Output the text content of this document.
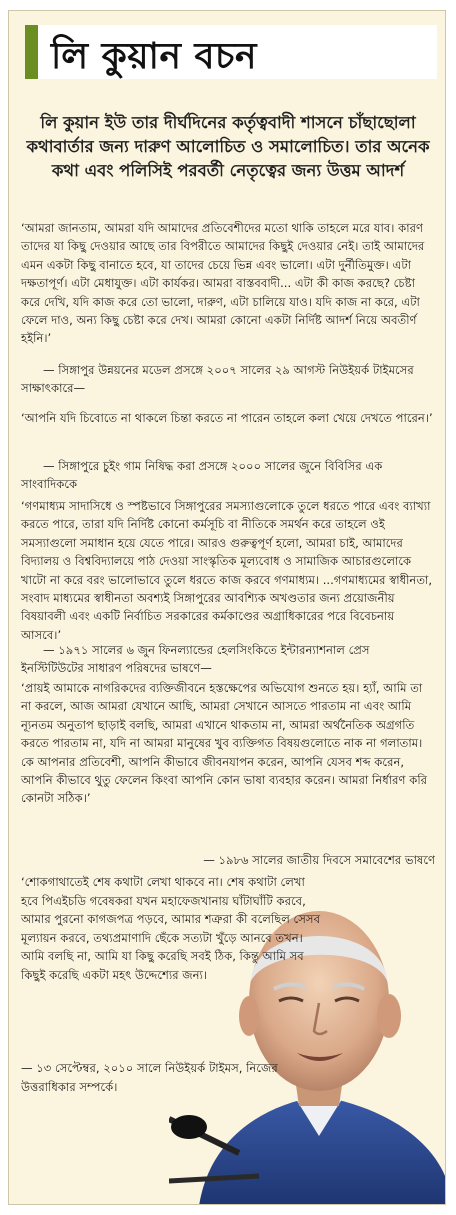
লি কুয়ান বচন
লি কুয়ান ইউ তার দীর্ঘদিনের কর্তৃত্ববাদী শাসনে চাঁছাছোলা কথাবার্তার জন্য দারুণ আলোচিত ও সমালোচিত। তার অনেক কথা এবং পলিসিই পরবর্তী নেতৃত্বের জন্য উত্তম আদর্শ
‘আমরা জানতাম, আমরা যদি আমাদের প্রতিবেশীদের মতো থাকি তাহলে মরে যাব। কারণ তাদের যা কিছু দেওয়ার আছে তার বিপরীতে আমাদের কিছুই দেওয়ার নেই। তাই আমাদের এমন একটা কিছু বানাতে হবে, যা তাদের চেয়ে ভিন্ন এবং ভালো। এটা দুর্নীতিমুক্ত। এটা দক্ষতাপূর্ণ। এটা মেধাযুক্ত। এটা কার্যকর। আমরা বাস্তববাদী... এটা কী কাজ করছে? চেষ্টা করে দেখি, যদি কাজ করে তো ভালো, দারুণ, এটা চালিয়ে যাও। যদি কাজ না করে, এটা ফেলে দাও, অন্য কিছু চেষ্টা করে দেখ। আমরা কোনো একটা নির্দিষ্ট আদর্শ নিয়ে অবতীর্ণ হইনি।’
— সিঙ্গাপুর উন্নয়নের মডেল প্রসঙ্গে ২০০৭ সালের ২৯ আগস্ট নিউইয়র্ক টাইমসের সাক্ষাৎকারে—
‘আপনি যদি চিবোতে না থাকলে চিন্তা করতে না পারেন তাহলে কলা খেয়ে দেখতে পারেন।’
— সিঙ্গাপুরে চুইং গাম নিষিদ্ধ করা প্রসঙ্গে ২০০০ সালের জুনে বিবিসির এক সাংবাদিককে
‘গণমাধ্যম সাদাসিধে ও স্পষ্টভাবে সিঙ্গাপুরের সমস্যাগুলোকে তুলে ধরতে পারে এবং ব্যাখ্যা করতে পারে, তারা যদি নির্দিষ্ট কোনো কর্মসূচি বা নীতিকে সমর্থন করে তাহলে ওই সমস্যাগুলো সমাধান হয়ে যেতে পারে। আরও গুরুত্বপূর্ণ হলো, আমরা চাই, আমাদের বিদ্যালয় ও বিশ্ববিদ্যালয়ে পাঠ দেওয়া সাংস্কৃতিক মূল্যবোধ ও সামাজিক আচারগুলোকে খাটো না করে বরং ভালোভাবে তুলে ধরতে কাজ করবে গণমাধ্যম। ...গণমাধ্যমের স্বাধীনতা, সংবাদ মাধ্যমের স্বাধীনতা অবশ্যই সিঙ্গাপুরের আবশ্যিক অখণ্ডতার জন্য প্রয়োজনীয় বিষয়াবলী এবং একটি নির্বাচিত সরকারের কর্মকাণ্ডের অগ্রাধিকারের পরে বিবেচনায় আসবে।’
— ১৯৭১ সালের ৬ জুন ফিনল্যান্ডের হেলসিংকিতে ইন্টারন্যাশনাল প্রেস ইনস্টিটিউটের সাধারণ পরিষদের ভাষণে—
‘প্রায়ই আমাকে নাগরিকদের ব্যক্তিজীবনে হস্তক্ষেপের অভিযোগ শুনতে হয়। হ্যাঁ, আমি তা না করলে, আজ আমরা যেখানে আছি, আমরা সেখানে আসতে পারতাম না এবং আমি ন্যূনতম অনুতাপ ছাড়াই বলছি, আমরা এখানে থাকতাম না, আমরা অর্থনৈতিক অগ্রগতি করতে পারতাম না, যদি না আমরা মানুষের খুব ব্যক্তিগত বিষয়গুলোতে নাক না গলাতাম। কে আপনার প্রতিবেশী, আপনি কীভাবে জীবনযাপন করেন, আপনি যেসব শব্দ করেন, আপনি কীভাবে থুতু ফেলেন কিংবা আপনি কোন ভাষা ব্যবহার করেন। আমরা নির্ধারণ করি কোনটা সঠিক।’
— ১৯৮৬ সালের জাতীয় দিবসে সমাবেশের ভাষণে
‘শোকগাথাতেই শেষ কথাটা লেখা থাকবে না। শেষ কথাটা লেখা হবে পিএইচডি গবেষকরা যখন মহাফেজখানায় ঘাঁটাঘাঁটি করবে, আমার পুরনো কাগজপত্র পড়বে, আমার শত্রুরা কী বলেছিল সেসব মূল্যায়ন করবে, তথ্যপ্রমাণাদি ছেঁকে সত্যটা খুঁড়ে আনবে তখন। আমি বলছি না, আমি যা কিছু করেছি সবই ঠিক, কিন্তু আমি সব কিছুই করেছি একটা মহৎ উদ্দেশ্যের জন্য।
— ১৩ সেপ্টেম্বর, ২০১০ সালে নিউইয়র্ক টাইমস, নিজের উত্তরাধিকার সম্পর্কে।
